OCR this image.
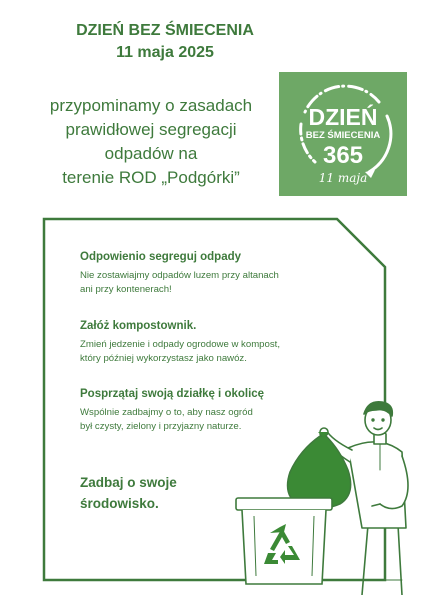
DZIEŃ BEZ ŚMIECENIA
11 maja 2025
przypominamy o zasadach
prawidłowej segregacji
odpadów na
terenie ROD „Podgórki”
DZIEŃ
BEZ ŚMIECENIA
365
11 maja
Odpowienio segreguj odpady
Nie zostawiajmy odpadów luzem przy altanach
ani przy kontenerach!
Załóż kompostownik.
Zmień jedzenie i odpady ogrodowe w kompost,
który później wykorzystasz jako nawóz.
Posprzątaj swoją działkę i okolicę
Wspólnie zadbajmy o to, aby nasz ogród
był czysty, zielony i przyjazny naturze.
Zadbaj o swoje
środowisko.
